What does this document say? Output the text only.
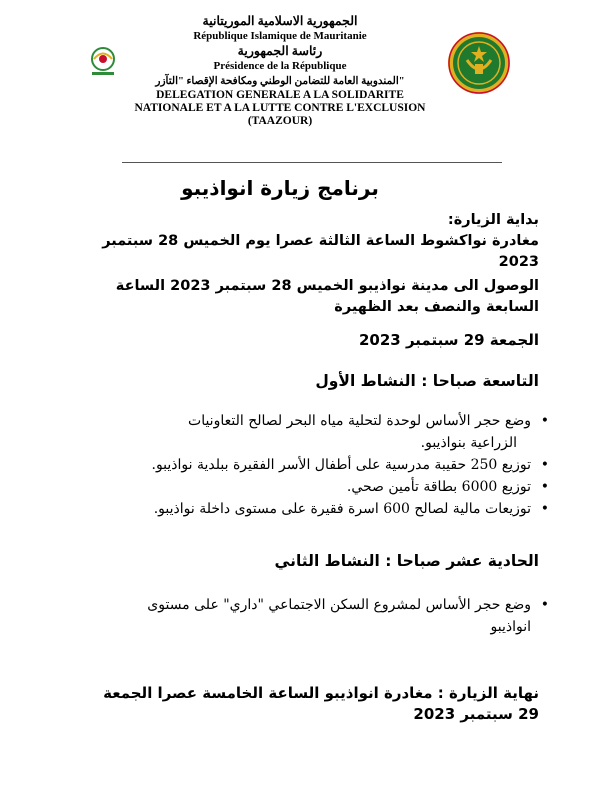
الجمهورية الاسلامية الموريتانية
République Islamique de Mauritanie
رئاسة الجمهورية
Présidence de la République
"المندوبية العامة للتضامن الوطني ومكافحة الإقصاء "التآزر
DELEGATION GENERALE A LA SOLIDARITE
NATIONALE ET A LA LUTTE CONTRE L'EXCLUSION
(TAAZOUR)
برنامج زيارة انواذيبو
بداية الزيارة:
مغادرة نواكشوط الساعة الثالثة عصرا يوم الخميس 28 سبتمبر
2023
الوصول الى مدينة نواذيبو الخميس 28 سبتمبر 2023 الساعة
السابعة والنصف بعد الظهيرة
الجمعة 29 سبتمبر 2023
التاسعة صباحا : النشاط الأول
•
وضع حجر الأساس لوحدة لتحلية مياه البحر لصالح التعاونيات
الزراعية بنواذيبو.
•
توزيع 250 حقيبة مدرسية على أطفال الأسر الفقيرة ببلدية نواذيبو.
•
توزيع 6000 بطاقة تأمين صحي.
•
توزيعات مالية لصالح 600 اسرة فقيرة على مستوى داخلة نواذيبو.
الحادية عشر صباحا : النشاط الثاني
•
وضع حجر الأساس لمشروع السكن الاجتماعي "داري" على مستوى
انواذيبو
نهاية الزيارة : مغادرة انواذيبو الساعة الخامسة عصرا الجمعة
29 سبتمبر 2023
